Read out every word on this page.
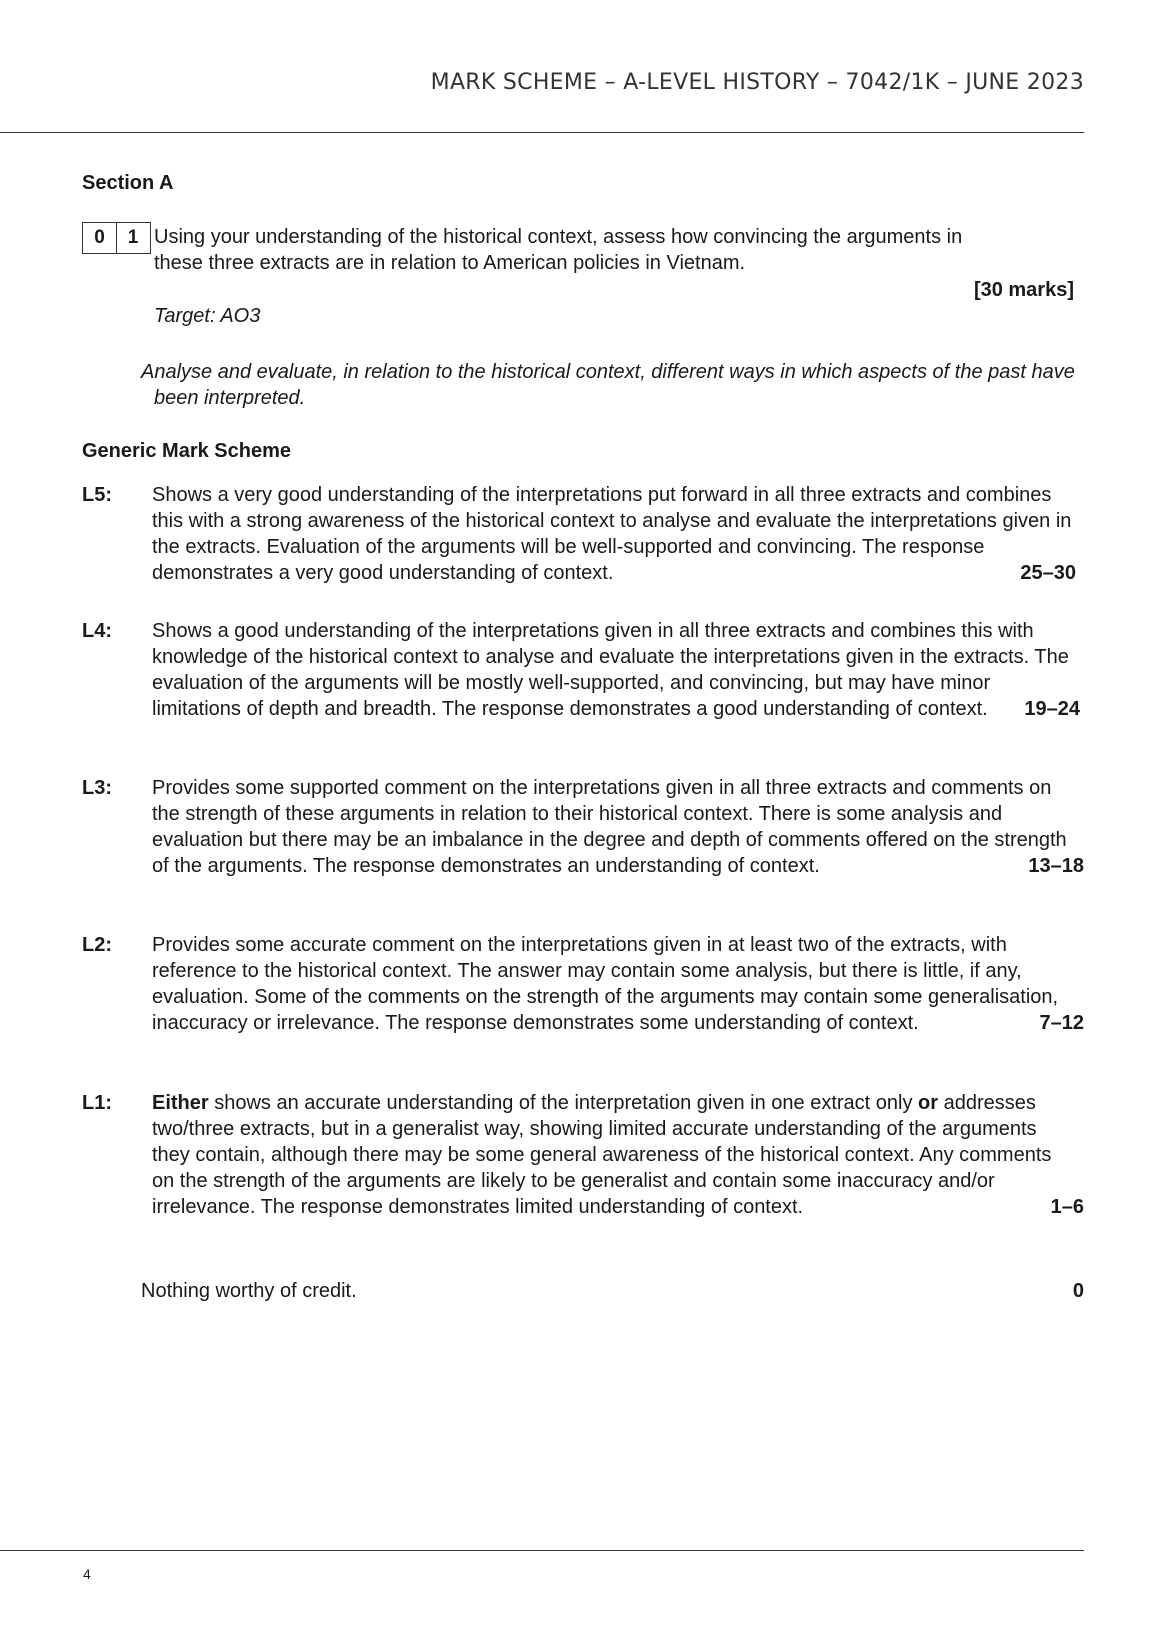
MARK SCHEME – A-LEVEL HISTORY – 7042/1K – JUNE 2023
Section A
0	1 Using your understanding of the historical context, assess how convincing the arguments in these three extracts are in relation to American policies in Vietnam.
[30 marks]
Target: AO3
Analyse and evaluate, in relation to the historical context, different ways in which aspects of the past have been interpreted.
Generic Mark Scheme
L5: Shows a very good understanding of the interpretations put forward in all three extracts and combines this with a strong awareness of the historical context to analyse and evaluate the interpretations given in the extracts. Evaluation of the arguments will be well-supported and convincing. The response demonstrates a very good understanding of context.	25–30
L4: Shows a good understanding of the interpretations given in all three extracts and combines this with knowledge of the historical context to analyse and evaluate the interpretations given in the extracts. The evaluation of the arguments will be mostly well-supported, and convincing, but may have minor limitations of depth and breadth. The response demonstrates a good understanding of context.	19–24
L3: Provides some supported comment on the interpretations given in all three extracts and comments on the strength of these arguments in relation to their historical context. There is some analysis and evaluation but there may be an imbalance in the degree and depth of comments offered on the strength of the arguments. The response demonstrates an understanding of context.	13–18
L2: Provides some accurate comment on the interpretations given in at least two of the extracts, with reference to the historical context. The answer may contain some analysis, but there is little, if any, evaluation. Some of the comments on the strength of the arguments may contain some generalisation, inaccuracy or irrelevance. The response demonstrates some understanding of context.	7–12
L1: Either shows an accurate understanding of the interpretation given in one extract only or addresses two/three extracts, but in a generalist way, showing limited accurate understanding of the arguments they contain, although there may be some general awareness of the historical context. Any comments on the strength of the arguments are likely to be generalist and contain some inaccuracy and/or irrelevance. The response demonstrates limited understanding of context.	1–6
Nothing worthy of credit.	0
4
